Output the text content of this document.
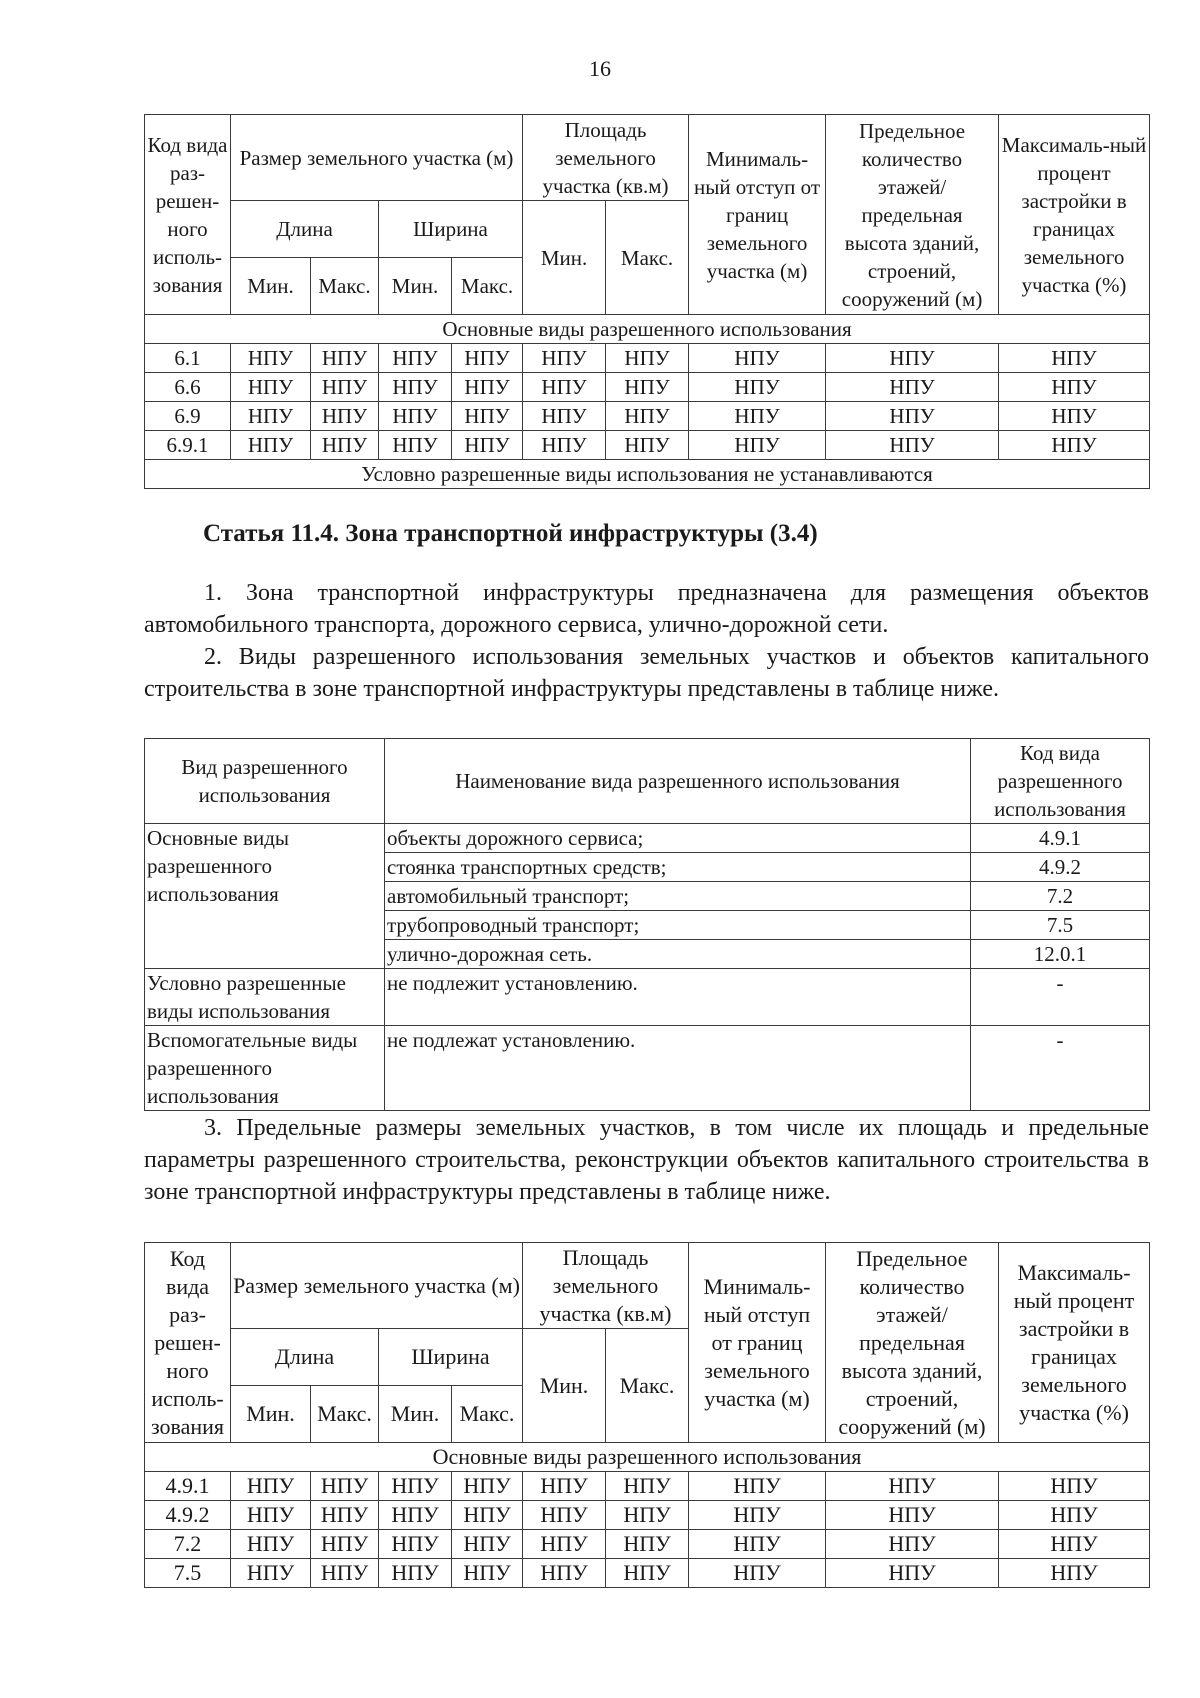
16
Код вида раз-решен-ного исполь-зования	Размер земельного участка (м)				Площадь земельного участка (кв.м)		Минималь-ный отступ от границ земельного участка (м)	Предельное количество этажей/ предельная высота зданий, строений, сооружений (м)	Максималь-ный процент застройки в границах земельного участка (%)
	Длина		Ширина		Мин.	Макс.			
	Мин.	Макс.	Мин.	Макс.					
Основные виды разрешенного использования									
6.1	НПУ	НПУ	НПУ	НПУ	НПУ	НПУ	НПУ	НПУ	НПУ
6.6	НПУ	НПУ	НПУ	НПУ	НПУ	НПУ	НПУ	НПУ	НПУ
6.9	НПУ	НПУ	НПУ	НПУ	НПУ	НПУ	НПУ	НПУ	НПУ
6.9.1	НПУ	НПУ	НПУ	НПУ	НПУ	НПУ	НПУ	НПУ	НПУ
Условно разрешенные виды использования не устанавливаются									
Статья 11.4. Зона транспортной инфраструктуры (3.4)
1. Зона транспортной инфраструктуры предназначена для размещения объектов автомобильного транспорта, дорожного сервиса, улично-дорожной сети.
2. Виды разрешенного использования земельных участков и объектов капитального строительства в зоне транспортной инфраструктуры представлены в таблице ниже.
Вид разрешенного использования	Наименование вида разрешенного использования	Код вида разрешенного использования
Основные виды разрешенного использования	объекты дорожного сервиса;	4.9.1
	стоянка транспортных средств;	4.9.2
	автомобильный транспорт;	7.2
	трубопроводный транспорт;	7.5
	улично-дорожная сеть.	12.0.1
Условно разрешенные виды использования	не подлежит установлению.	-
Вспомогательные виды разрешенного использования	не подлежат установлению.	-
3. Предельные размеры земельных участков, в том числе их площадь и предельные параметры разрешенного строительства, реконструкции объектов капитального строительства в зоне транспортной инфраструктуры представлены в таблице ниже.
Код вида раз-решен-ного исполь-зования	Размер земельного участка (м)				Площадь земельного участка (кв.м)		Минималь-ный отступ от границ земельного участка (м)	Предельное количество этажей/ предельная высота зданий, строений, сооружений (м)	Максималь-ный процент застройки в границах земельного участка (%)
	Длина		Ширина		Мин.	Макс.			
	Мин.	Макс.	Мин.	Макс.					
Основные виды разрешенного использования									
4.9.1	НПУ	НПУ	НПУ	НПУ	НПУ	НПУ	НПУ	НПУ	НПУ
4.9.2	НПУ	НПУ	НПУ	НПУ	НПУ	НПУ	НПУ	НПУ	НПУ
7.2	НПУ	НПУ	НПУ	НПУ	НПУ	НПУ	НПУ	НПУ	НПУ
7.5	НПУ	НПУ	НПУ	НПУ	НПУ	НПУ	НПУ	НПУ	НПУ
